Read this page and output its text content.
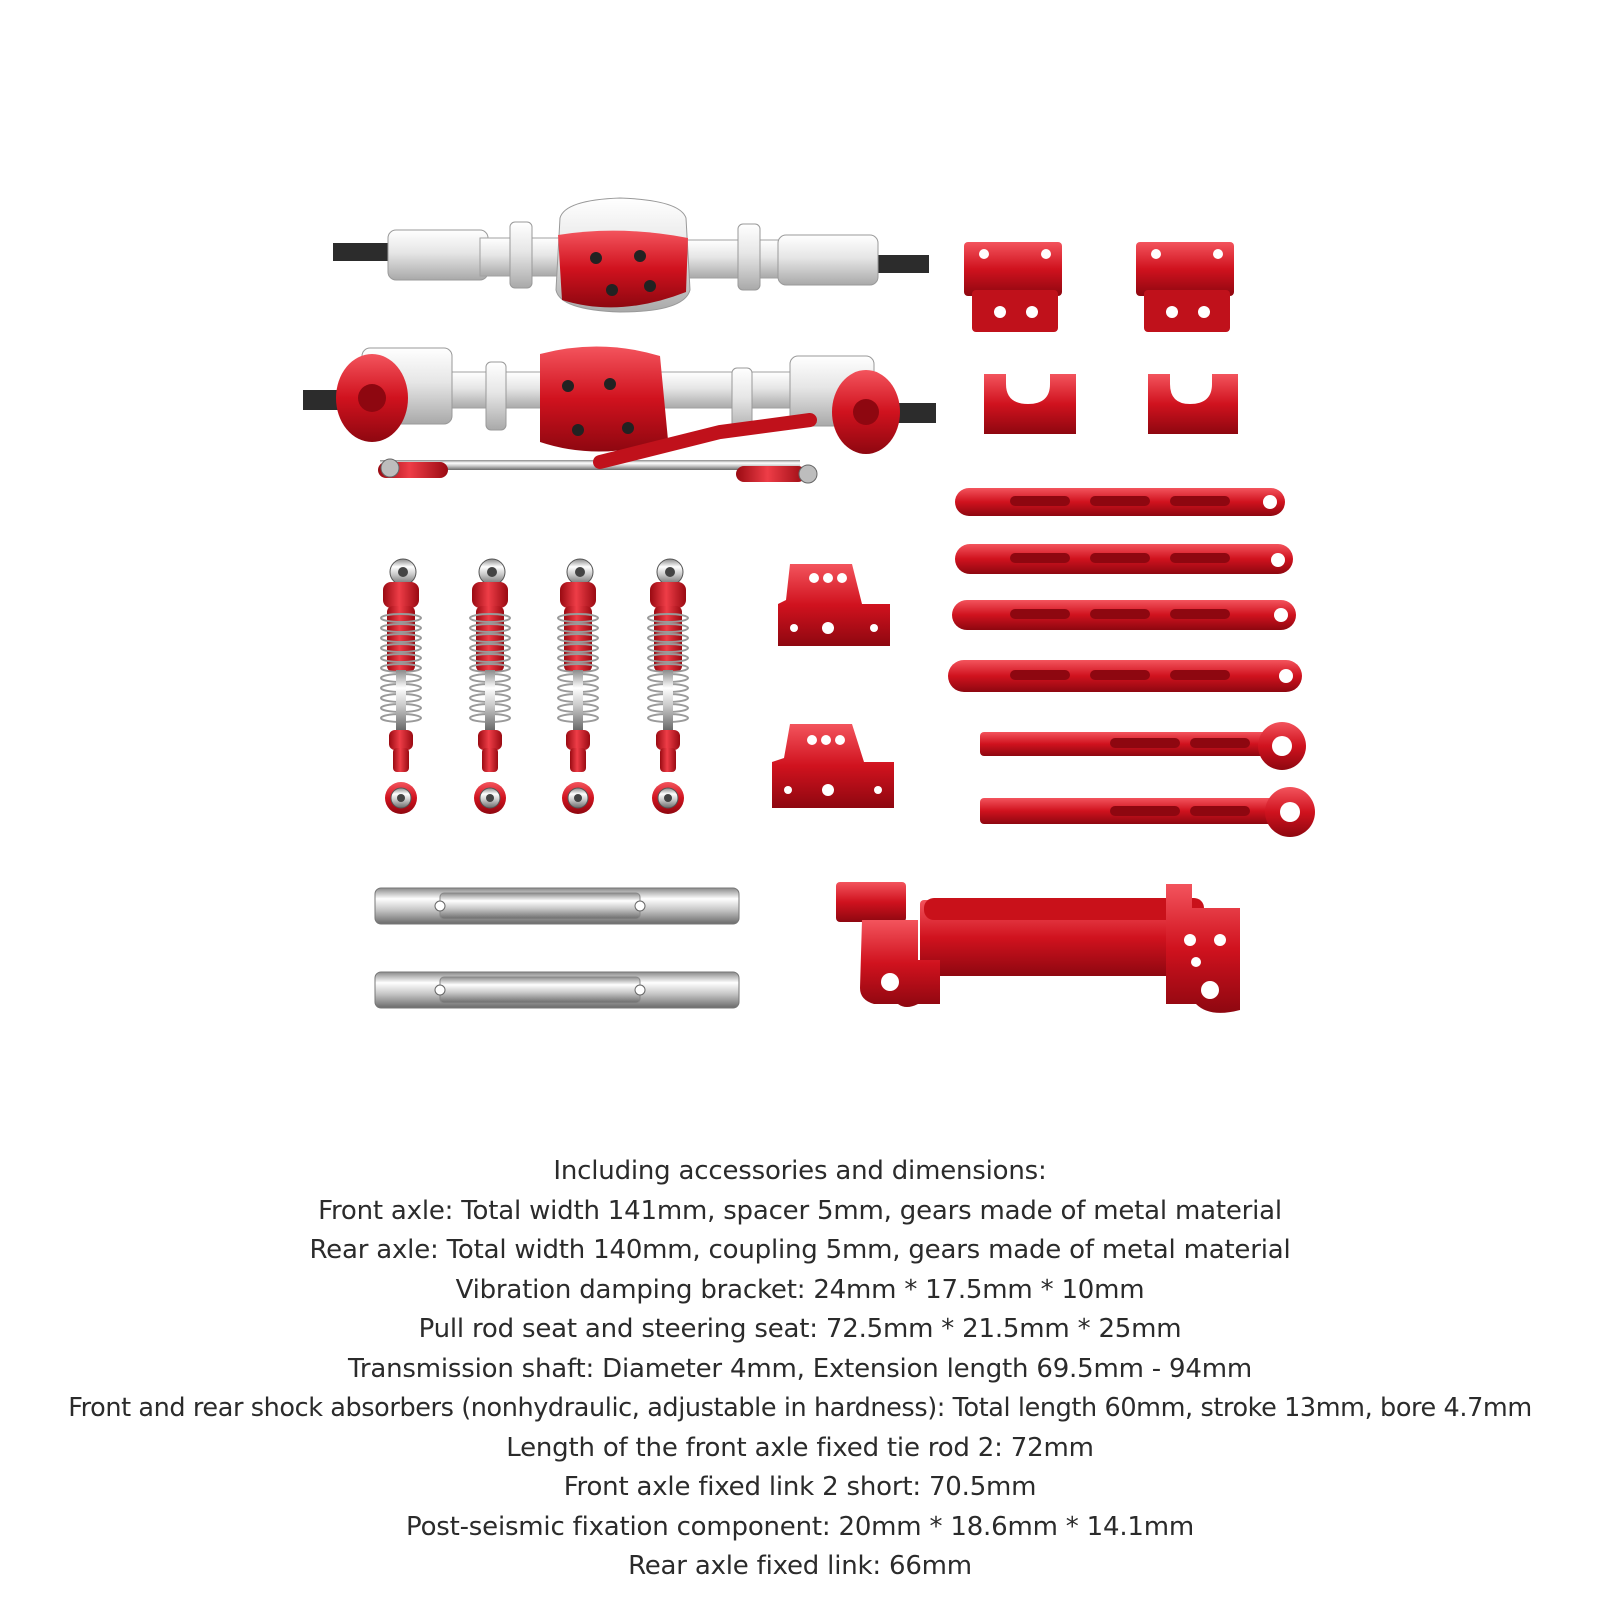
Including accessories and dimensions:
Front axle: Total width 141mm, spacer 5mm, gears made of metal material
Rear axle: Total width 140mm, coupling 5mm, gears made of metal material
Vibration damping bracket: 24mm * 17.5mm * 10mm
Pull rod seat and steering seat: 72.5mm * 21.5mm * 25mm
Transmission shaft: Diameter 4mm, Extension length 69.5mm - 94mm
Front and rear shock absorbers (nonhydraulic, adjustable in hardness): Total length 60mm, stroke 13mm, bore 4.7mm
Length of the front axle fixed tie rod 2: 72mm
Front axle fixed link 2 short: 70.5mm
Post-seismic fixation component: 20mm * 18.6mm * 14.1mm
Rear axle fixed link: 66mm
